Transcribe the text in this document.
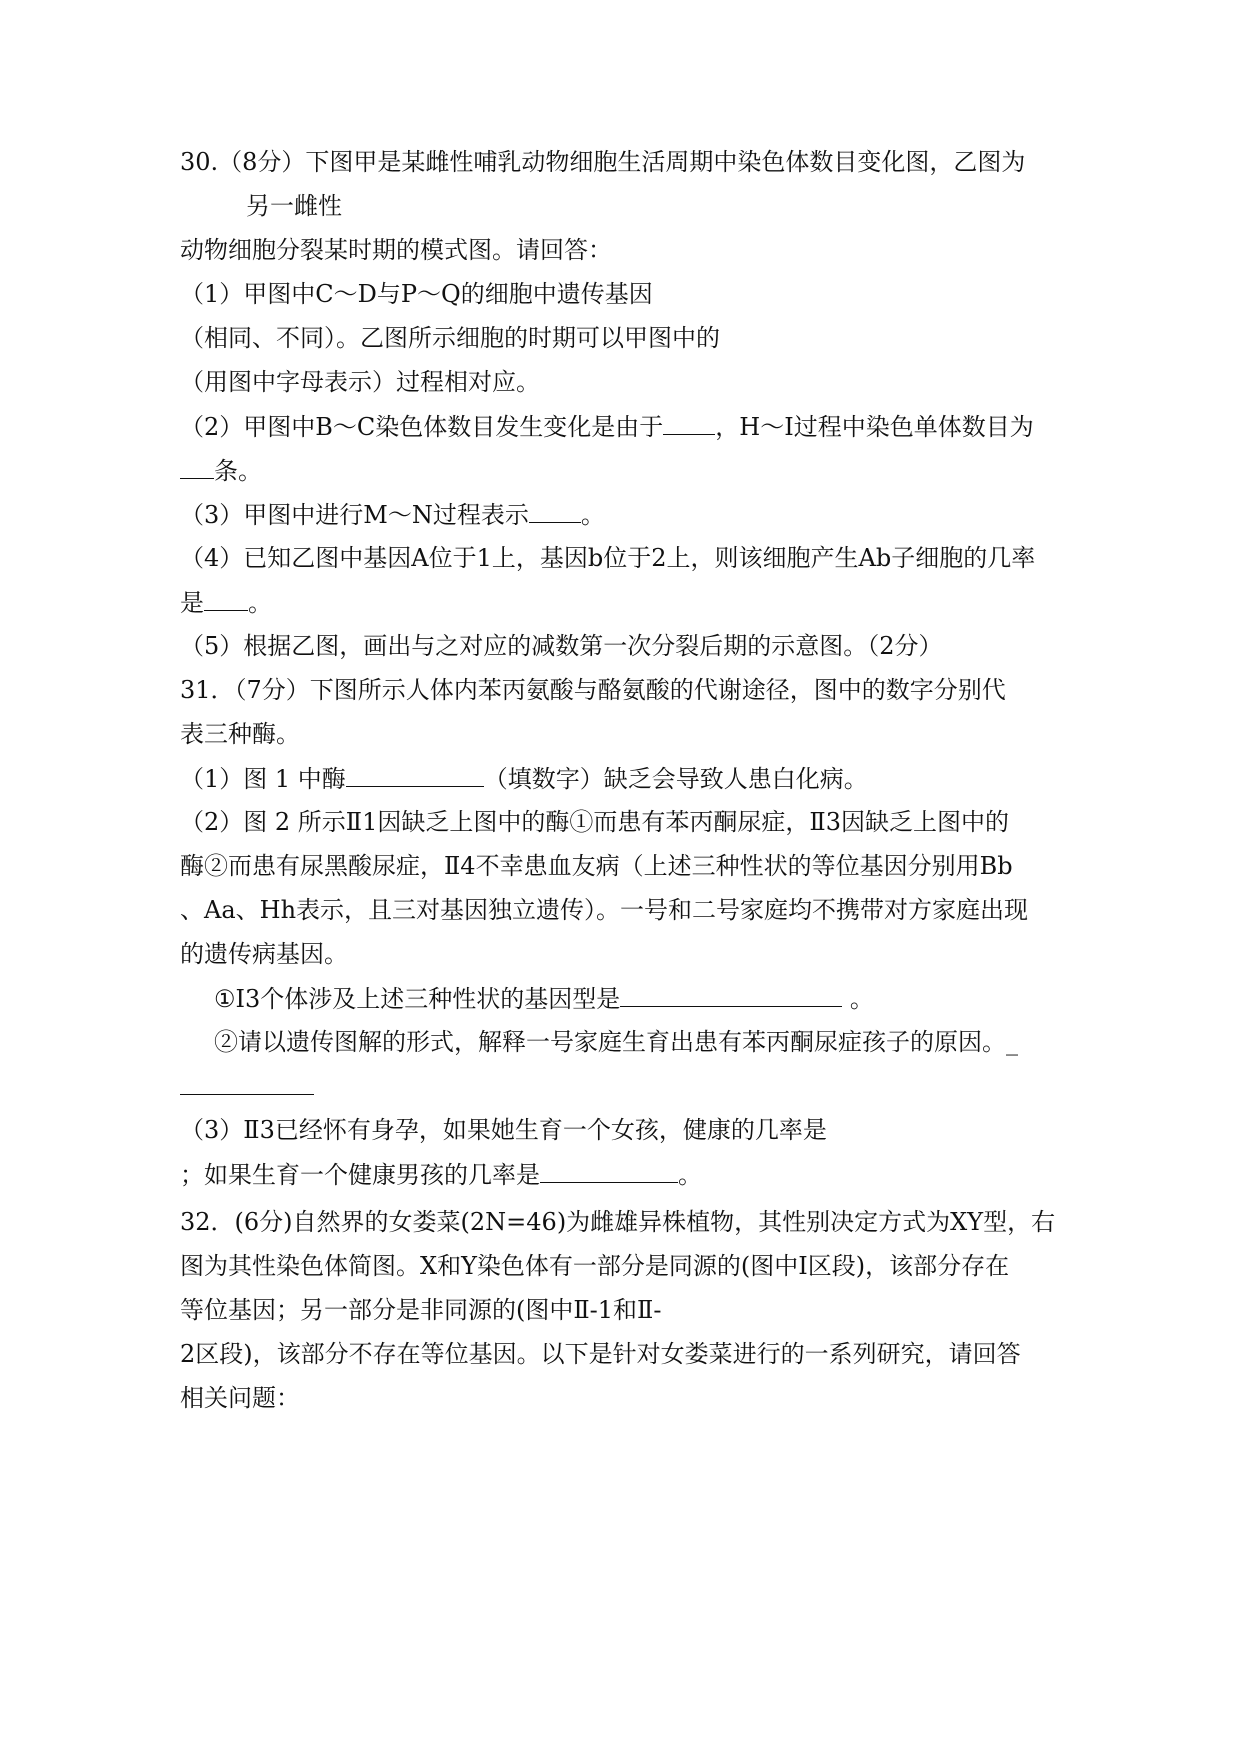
30.（8分）下图甲是某雌性哺乳动物细胞生活周期中染色体数目变化图，乙图为
另一雌性
动物细胞分裂某时期的模式图。请回答：
（1）甲图中C～D与P～Q的细胞中遗传基因
（相同、不同）。乙图所示细胞的时期可以甲图中的
（用图中字母表示）过程相对应。
（2）甲图中B～C染色体数目发生变化是由于 ，H～I过程中染色单体数目为
条。
（3）甲图中进行M～N过程表示 。
（4）已知乙图中基因A位于1上，基因b位于2上，则该细胞产生Ab子细胞的几率
是 。
（5）根据乙图，画出与之对应的减数第一次分裂后期的示意图。（2分）
31．（7分）下图所示人体内苯丙氨酸与酪氨酸的代谢途径，图中的数字分别代
表三种酶。
（1）图 1 中酶	（填数字）缺乏会导致人患白化病。
（2）图 2 所示Ⅱ1因缺乏上图中的酶①而患有苯丙酮尿症，Ⅱ3因缺乏上图中的
酶②而患有尿黑酸尿症，Ⅱ4不幸患血友病（上述三种性状的等位基因分别用Bb
、Aa、Hh表示，且三对基因独立遗传）。一号和二号家庭均不携带对方家庭出现
的遗传病基因。
①I3个体涉及上述三种性状的基因型是	。
②请以遗传图解的形式，解释一号家庭生育出患有苯丙酮尿症孩子的原因。_
（3）Ⅱ3已经怀有身孕，如果她生育一个女孩，健康的几率是
；如果生育一个健康男孩的几率是	。
32．(6分)自然界的女娄菜(2N=46)为雌雄异株植物，其性别决定方式为XY型，右
图为其性染色体简图。X和Y染色体有一部分是同源的(图中I区段)，该部分存在
等位基因；另一部分是非同源的(图中Ⅱ-1和Ⅱ-
2区段)，该部分不存在等位基因。以下是针对女娄菜进行的一系列研究，请回答
相关问题：
